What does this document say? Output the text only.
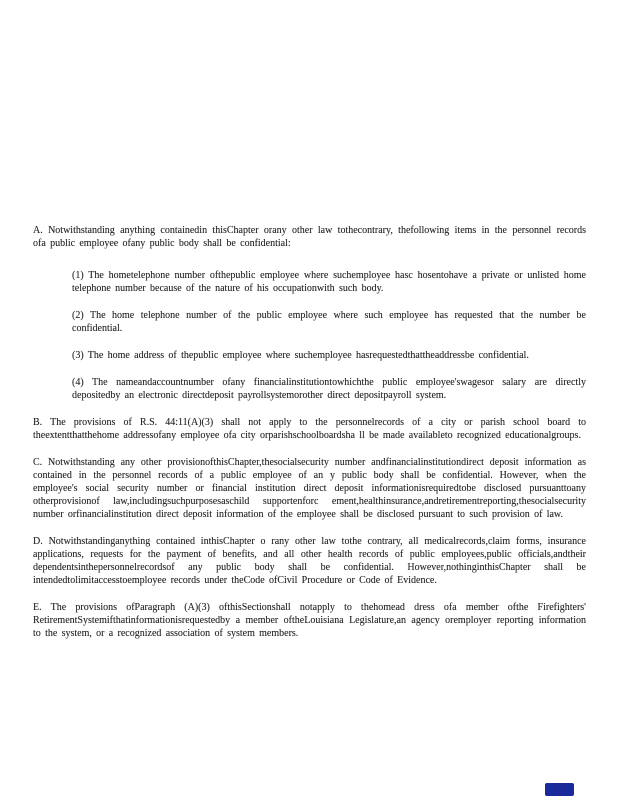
A. Notwithstanding anything containedin thisChapter orany other law tothecontrary, thefollowing items in the personnel records ofa public employee ofany public body shall be confidential:

(1) The hometelephone number ofthepublic employee where suchemployee hasc hosentohave a private or unlisted home telephone number because of the nature of his occupationwith such body.

(2) The home telephone number of the public employee where such employee has requested that the number be confidential.

(3) The home address of thepublic employee where suchemployee hasrequestedthattheaddressbe confidential.

(4) The nameandaccountnumber ofany financialinstitutiontowhichthe public employee'swagesor salary are directly depositedby an electronic directdeposit payrollsystemorother direct depositpayroll system.

B. The provisions of R.S. 44:11(A)(3) shall not apply to the personnelrecords of a city or parish school board to theextentthatthehome addressofany employee ofa city orparishschoolboardsha ll be made availableto recognized educationalgroups.

C. Notwithstanding any other provisionofthisChapter,thesocialsecurity number andfinancialinstitutiondirect deposit information as contained in the personnel records of a public employee of an y public body shall be confidential. However, when the employee's social security number or financial institution direct deposit informationisrequiredtobe disclosed pursuanttoany otherprovisionof law,includingsuchpurposesaschild supportenforc ement,healthinsurance,andretirementreporting,thesocialsecurity number orfinancialinstitution direct deposit information of the employee shall be disclosed pursuant to such provision of law.

D. Notwithstandinganything contained inthisChapter o rany other law tothe contrary, all medicalrecords,claim forms, insurance applications, requests for the payment of benefits, and all other health records of public employees,public officials,andtheir dependentsinthepersonnelrecordsof any public body shall be confidential. However,nothinginthisChapter shall be intendedtolimitaccesstoemployee records under theCode ofCivil Procedure or Code of Evidence.

E. The provisions ofParagraph (A)(3) ofthisSectionshall notapply to thehomead dress ofa member ofthe Firefighters' RetirementSystemifthatinformationisrequestedby a member oftheLouisiana Legislature,an agency oremployer reporting information to the system, or a recognized association of system members.
